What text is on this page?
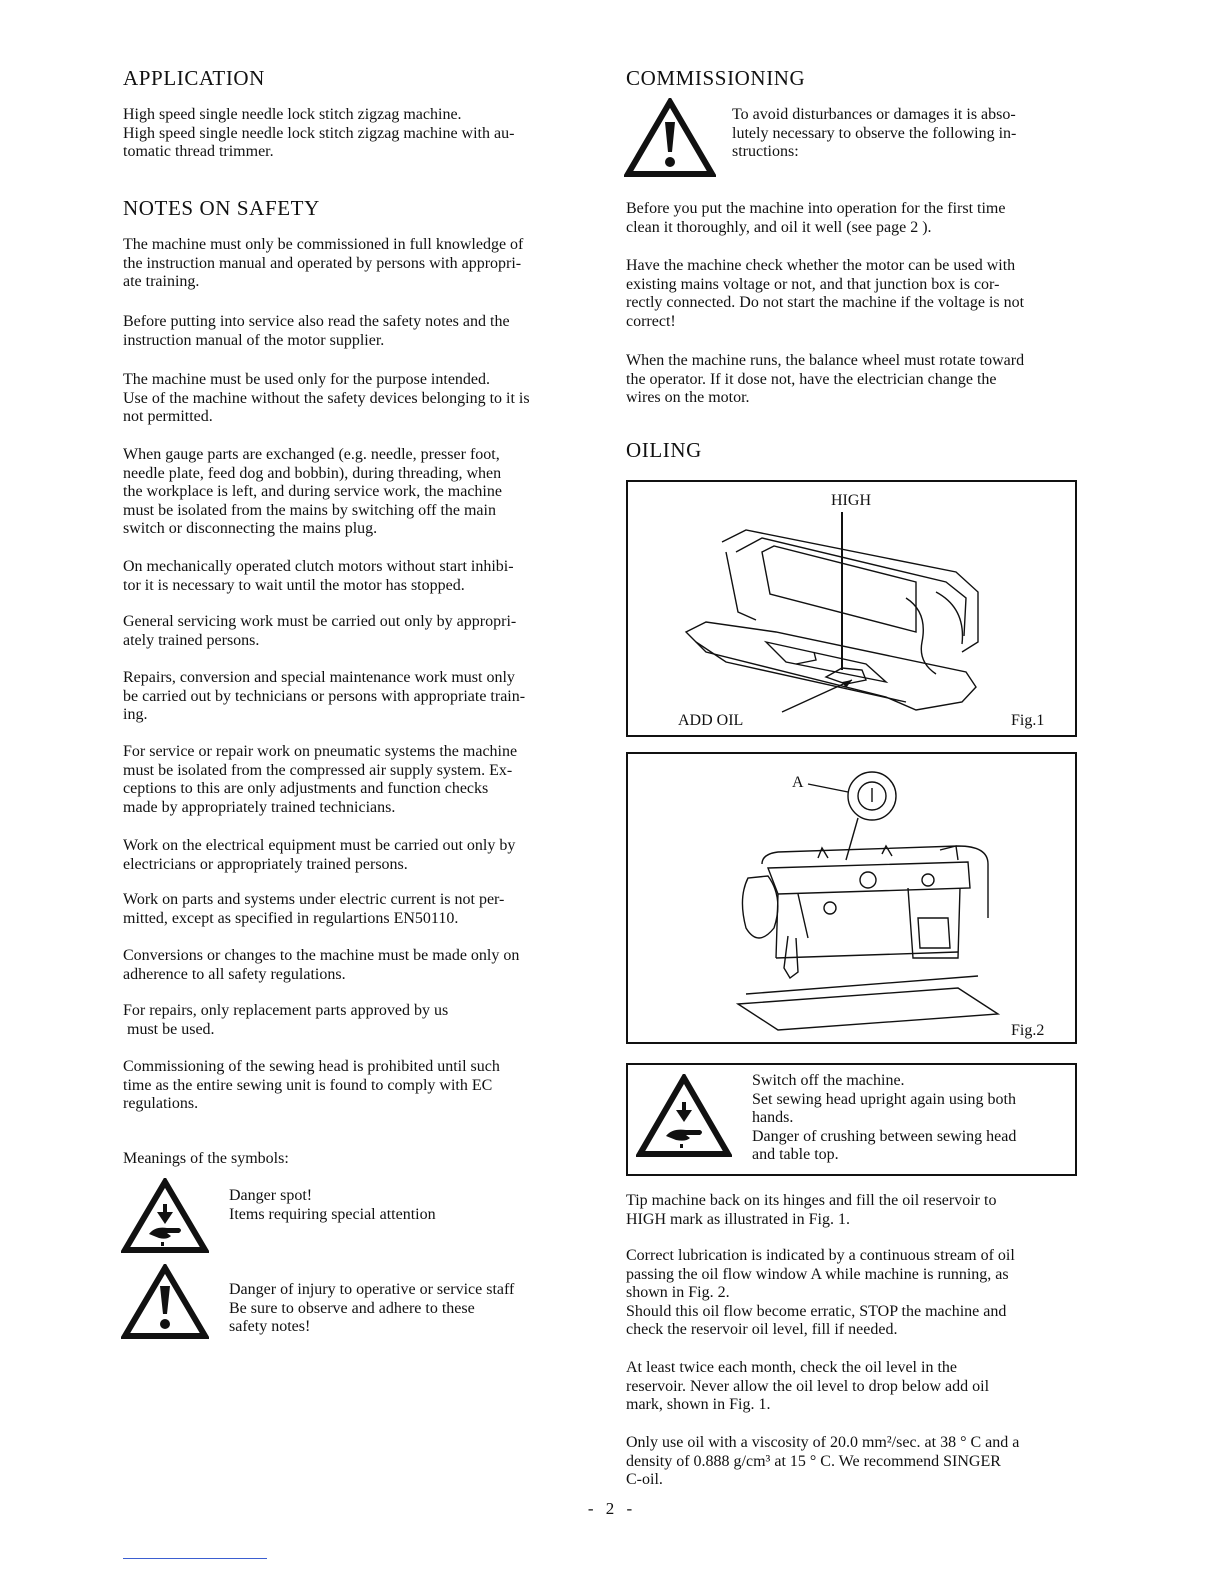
APPLICATION
High speed single needle lock stitch zigzag machine.
High speed single needle lock stitch zigzag machine with au-
tomatic thread trimmer.
NOTES ON SAFETY
The machine must only be commissioned in full knowledge of
the instruction manual and operated by persons with appropri-
ate training.
Before putting into service also read the safety notes and the
instruction manual of the motor supplier.
The machine must be used only for the purpose intended.
Use of the machine without the safety devices belonging to it is
not permitted.
When gauge parts are exchanged (e.g. needle, presser foot,
needle plate, feed dog and bobbin), during threading, when
the workplace is left, and during service work, the machine
must be isolated from the mains by switching off the main
switch or disconnecting the mains plug.
On mechanically operated clutch motors without start inhibi-
tor it is necessary to wait until the motor has stopped.
General servicing work must be carried out only by appropri-
ately trained persons.
Repairs, conversion and special maintenance work must only
be carried out by technicians or persons with appropriate train-
ing.
For service or repair work on pneumatic systems the machine
must be isolated from the compressed air supply system. Ex-
ceptions to this are only adjustments and function checks
made by appropriately trained technicians.
Work on the electrical equipment must be carried out only by
electricians or appropriately trained persons.
Work on parts and systems under electric current is not per-
mitted, except as specified in regulartions EN50110.
Conversions or changes to the machine must be made only on
adherence to all safety regulations.
For repairs, only replacement parts approved by us
must be used.
Commissioning of the sewing head is prohibited until such
time as the entire sewing unit is found to comply with EC
regulations.
Meanings of the symbols:
Danger spot!
Items requiring special attention
Danger of injury to operative or service staff
Be sure to observe and adhere to these
safety notes!
COMMISSIONING
To avoid disturbances or damages it is abso-
lutely necessary to observe the following in-
structions:
Before you put the machine into operation for the first time
clean it thoroughly, and oil it well (see page 2 ).
Have the machine check whether the motor can be used with
existing mains voltage or not, and that junction box is cor-
rectly connected. Do not start the machine if the voltage is not
correct!
When the machine runs, the balance wheel must rotate toward
the operator. If it dose not, have the electrician change the
wires on the motor.
OILING
HIGH
ADD OIL	Fig.1
A
Fig.2
Switch off the machine.
Set sewing head upright again using both
hands.
Danger of crushing between sewing head
and table top.
Tip machine back on its hinges and fill the oil reservoir to
HIGH mark as illustrated in Fig. 1.
Correct lubrication is indicated by a continuous stream of oil
passing the oil flow window A while machine is running, as
shown in Fig. 2.
Should this oil flow become erratic, STOP the machine and
check the reservoir oil level, fill if needed.
At least twice each month, check the oil level in the
reservoir. Never allow the oil level to drop below add oil
mark, shown in Fig. 1.
Only use oil with a viscosity of 20.0 mm²/sec. at 38 ° C and a
density of 0.888 g/cm³ at 15 ° C. We recommend SINGER
C-oil.
- 2 -
